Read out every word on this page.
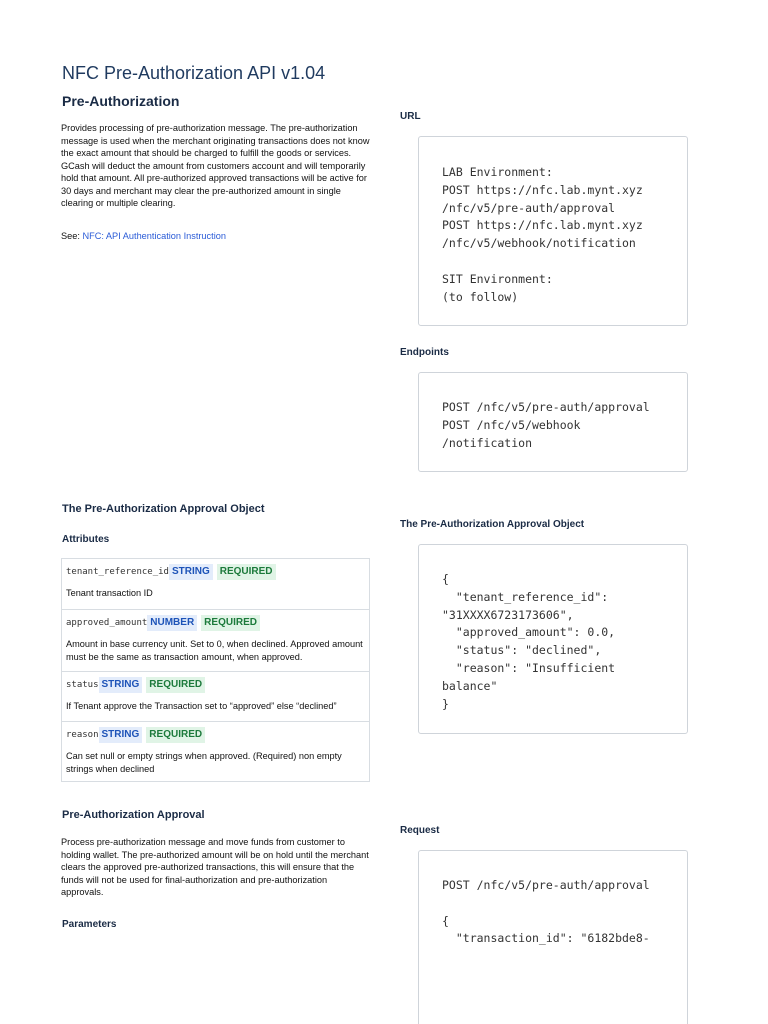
NFC Pre-Authorization API v1.04
Pre-Authorization
Provides processing of pre-authorization message. The pre-authorization message is used when the merchant originating transactions does not know the exact amount that should be charged to fulfill the goods or services. GCash will deduct the amount from customers account and will temporarily hold that amount. All pre-authorized approved transactions will be active for 30 days and merchant may clear the pre-authorized amount in single clearing or multiple clearing.
See: NFC: API Authentication Instruction
The Pre-Authorization Approval Object
Attributes
tenant_reference_id STRING	REQUIRED
Tenant transaction ID
approved_amount NUMBER	REQUIRED
Amount in base currency unit. Set to 0, when declined. Approved amount must be the same as transaction amount, when approved.
status STRING	REQUIRED
If Tenant approve the Transaction set to “approved” else “declined”
reason STRING	REQUIRED
Can set null or empty strings when approved. (Required) non empty strings when declined
Pre-Authorization Approval
Process pre-authorization message and move funds from customer to holding wallet. The pre-authorized amount will be on hold until the merchant clears the approved pre-authorized transactions, this will ensure that the funds will not be used for final-authorization and pre-authorization approvals.
Parameters
URL
LAB Environment:
POST https://nfc.lab.mynt.xyz
/nfc/v5/pre-auth/approval
POST https://nfc.lab.mynt.xyz
/nfc/v5/webhook/notification

SIT Environment:
(to follow)
Endpoints
POST /nfc/v5/pre-auth/approval
POST /nfc/v5/webhook
/notification
The Pre-Authorization Approval Object
{
"tenant_reference_id":
"31XXXX6723173606",
"approved_amount": 0.0,
"status": "declined",
"reason": "Insufficient
balance"
}
Request
POST /nfc/v5/pre-auth/approval

{
"transaction_id": "6182bde8-
